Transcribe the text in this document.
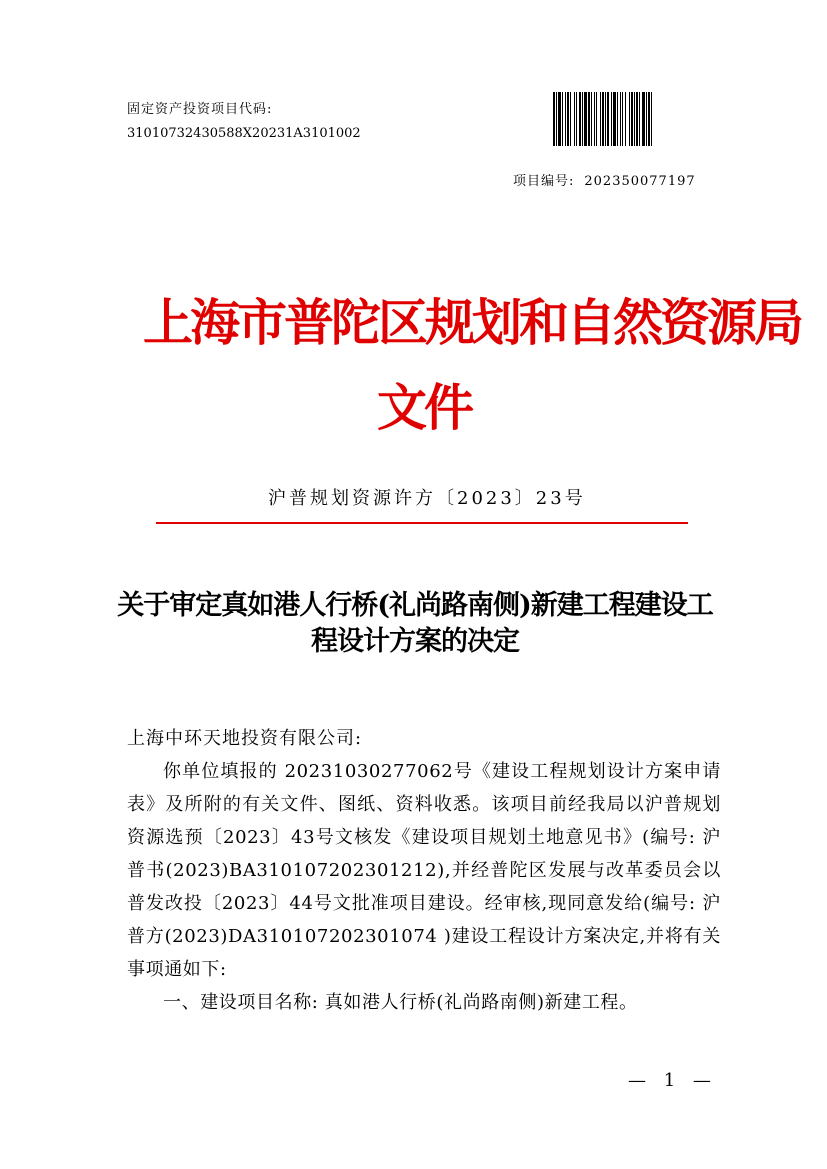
固定资产投资项目代码:
31010732430588X20231A3101002
项目编号: 202350077197
上海市普陀区规划和自然资源局
文件
沪普规划资源许方〔2023〕23号
关于审定真如港人行桥(礼尚路南侧)新建工程建设工程设计方案的决定
上海中环天地投资有限公司:
你单位填报的 20231030277062号《建设工程规划设计方案申请表》及所附的有关文件、图纸、资料收悉。该项目前经我局以沪普规划资源选预〔2023〕43号文核发《建设项目规划土地意见书》(编号: 沪普书(2023)BA310107202301212),并经普陀区发展与改革委员会以普发改投〔2023〕44号文批准项目建设。经审核,现同意发给(编号: 沪普方(2023)DA310107202301074 )建设工程设计方案决定,并将有关事项通如下:
一、建设项目名称: 真如港人行桥(礼尚路南侧)新建工程。
— 1 —
